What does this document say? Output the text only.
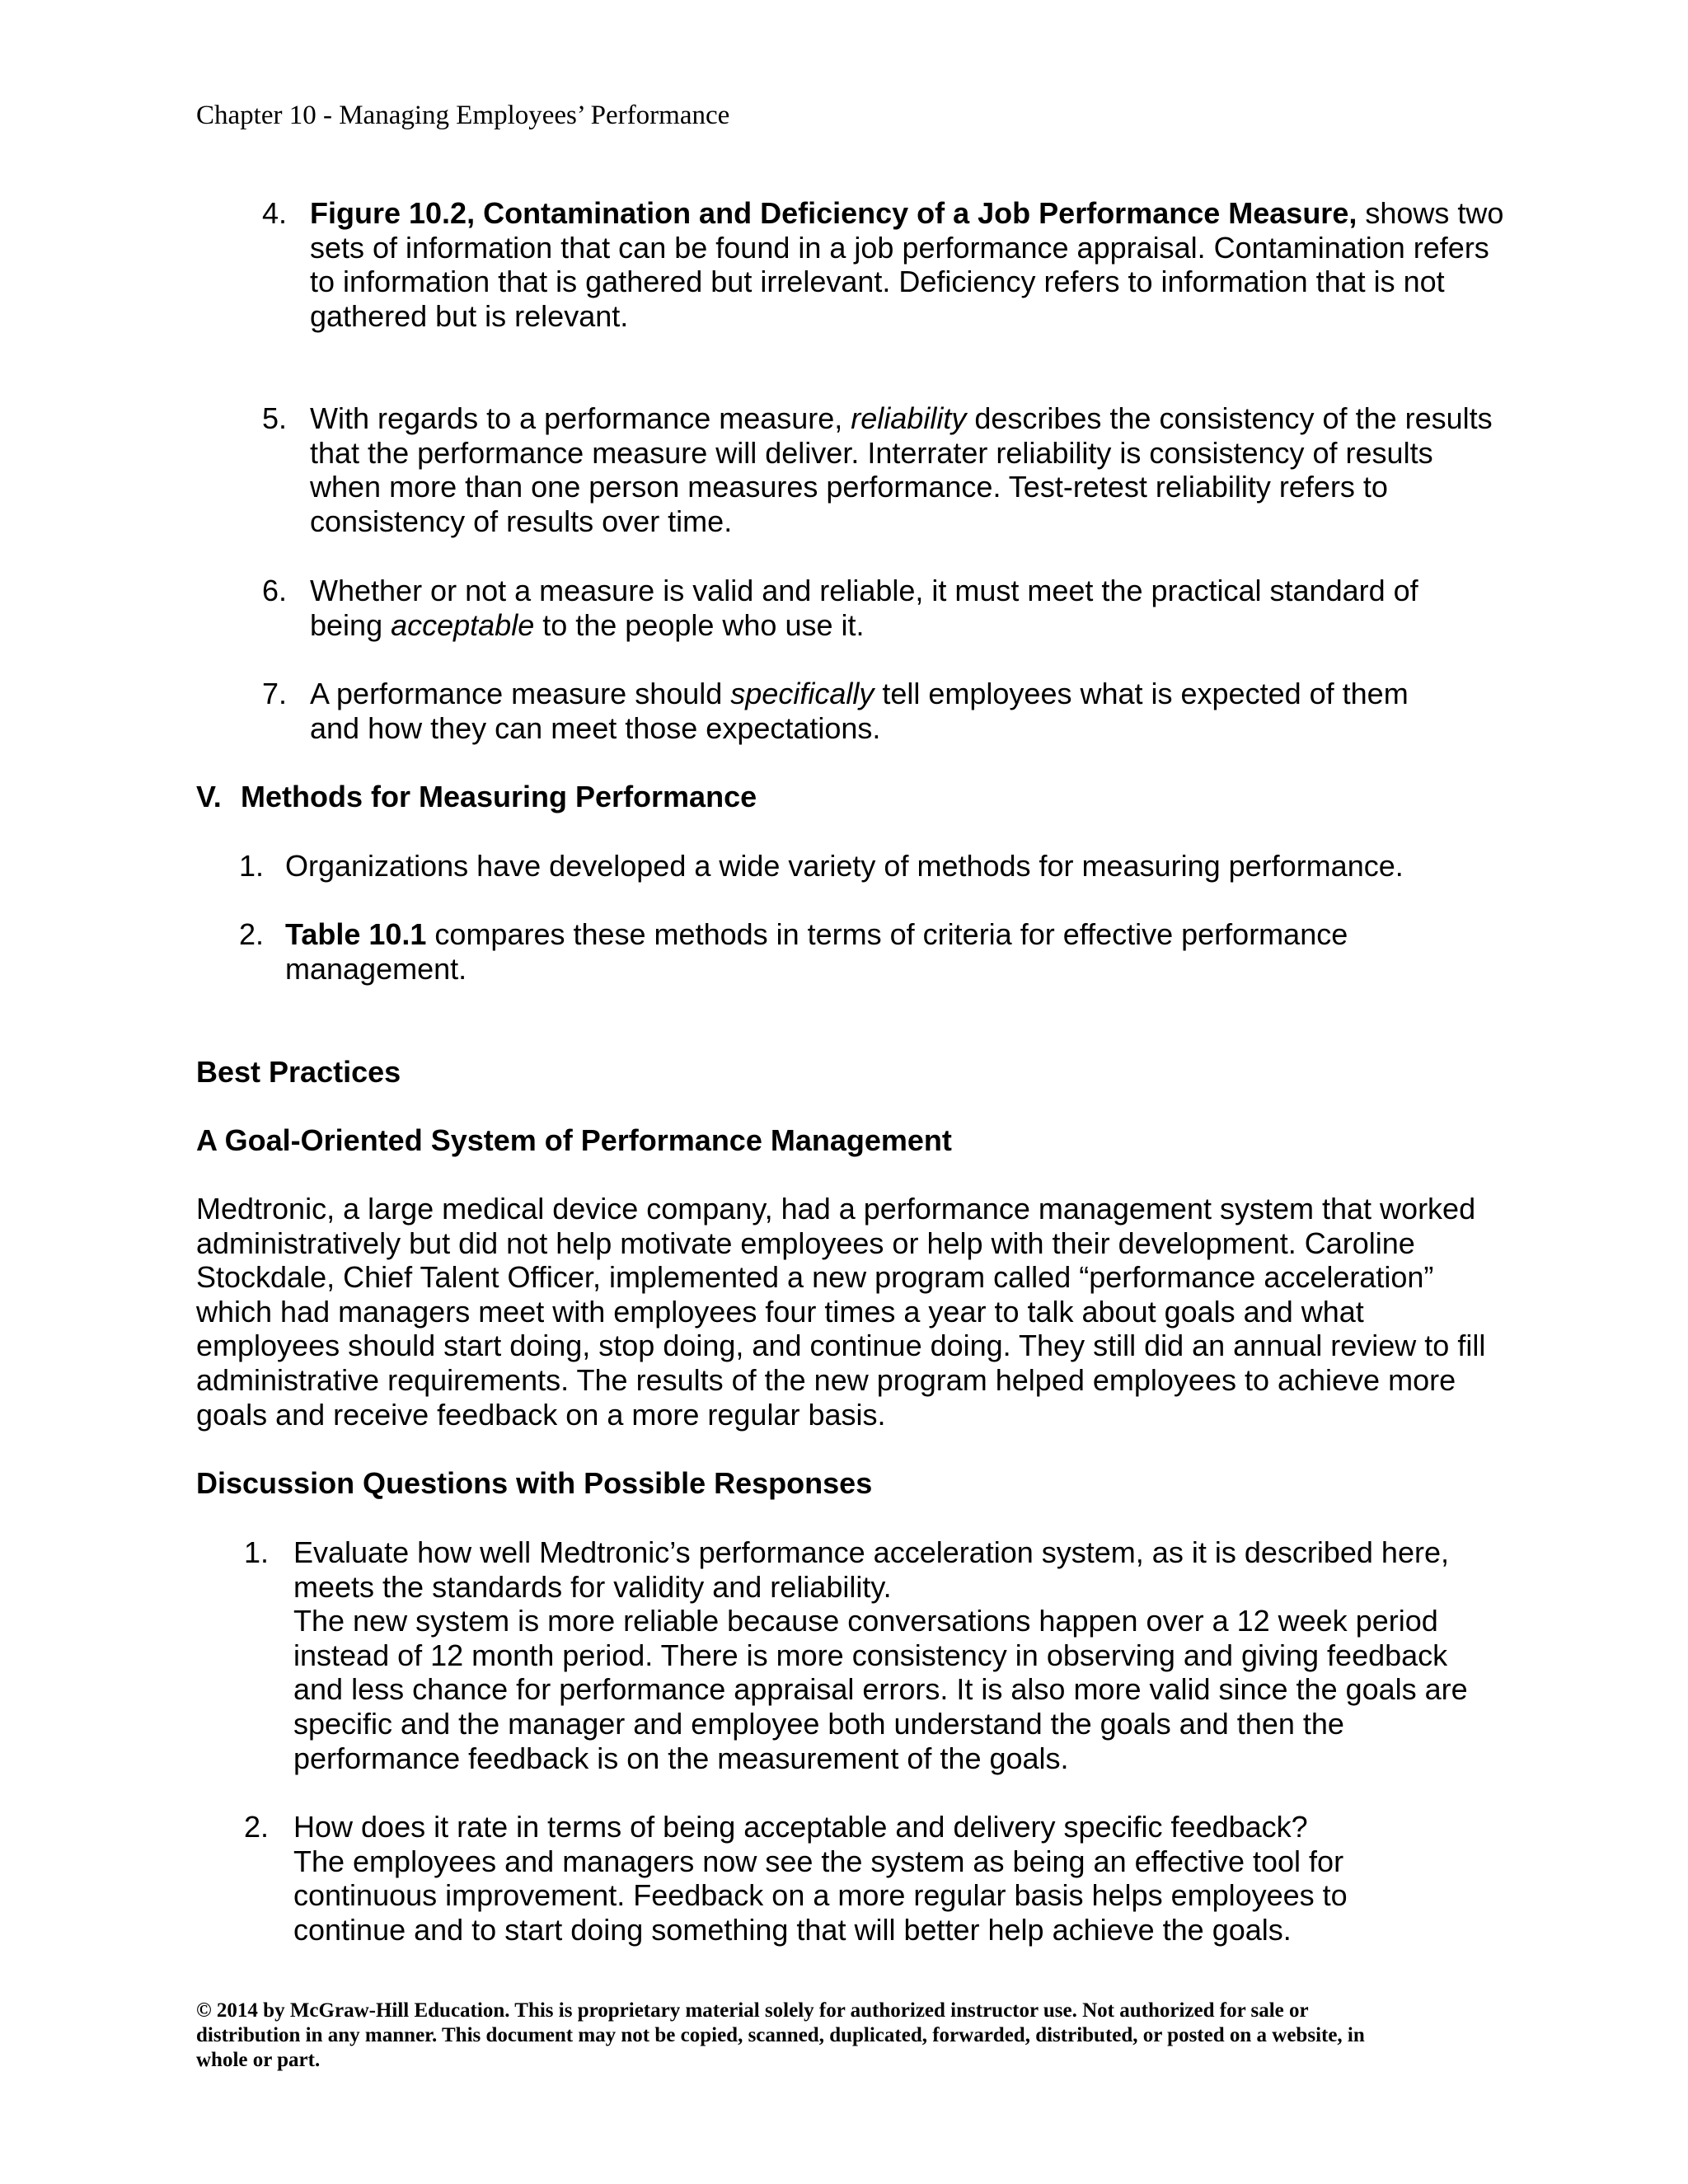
Chapter 10 - Managing Employees’ Performance
4. Figure 10.2, Contamination and Deficiency of a Job Performance Measure, shows two
sets of information that can be found in a job performance appraisal. Contamination refers
to information that is gathered but irrelevant. Deficiency refers to information that is not
gathered but is relevant.
5. With regards to a performance measure, reliability describes the consistency of the results
that the performance measure will deliver. Interrater reliability is consistency of results
when more than one person measures performance. Test-retest reliability refers to
consistency of results over time.
6. Whether or not a measure is valid and reliable, it must meet the practical standard of
being acceptable to the people who use it.
7. A performance measure should specifically tell employees what is expected of them
and how they can meet those expectations.
V. Methods for Measuring Performance
1. Organizations have developed a wide variety of methods for measuring performance.
2. Table 10.1 compares these methods in terms of criteria for effective performance
management.
Best Practices
A Goal-Oriented System of Performance Management
Medtronic, a large medical device company, had a performance management system that worked
administratively but did not help motivate employees or help with their development. Caroline
Stockdale, Chief Talent Officer, implemented a new program called “performance acceleration”
which had managers meet with employees four times a year to talk about goals and what
employees should start doing, stop doing, and continue doing. They still did an annual review to fill
administrative requirements. The results of the new program helped employees to achieve more
goals and receive feedback on a more regular basis.
Discussion Questions with Possible Responses
1. Evaluate how well Medtronic’s performance acceleration system, as it is described here,
meets the standards for validity and reliability.
The new system is more reliable because conversations happen over a 12 week period
instead of 12 month period. There is more consistency in observing and giving feedback
and less chance for performance appraisal errors. It is also more valid since the goals are
specific and the manager and employee both understand the goals and then the
performance feedback is on the measurement of the goals.
2. How does it rate in terms of being acceptable and delivery specific feedback?
The employees and managers now see the system as being an effective tool for
continuous improvement. Feedback on a more regular basis helps employees to
continue and to start doing something that will better help achieve the goals.
© 2014 by McGraw-Hill Education. This is proprietary material solely for authorized instructor use. Not authorized for sale or
distribution in any manner. This document may not be copied, scanned, duplicated, forwarded, distributed, or posted on a website, in
whole or part.
